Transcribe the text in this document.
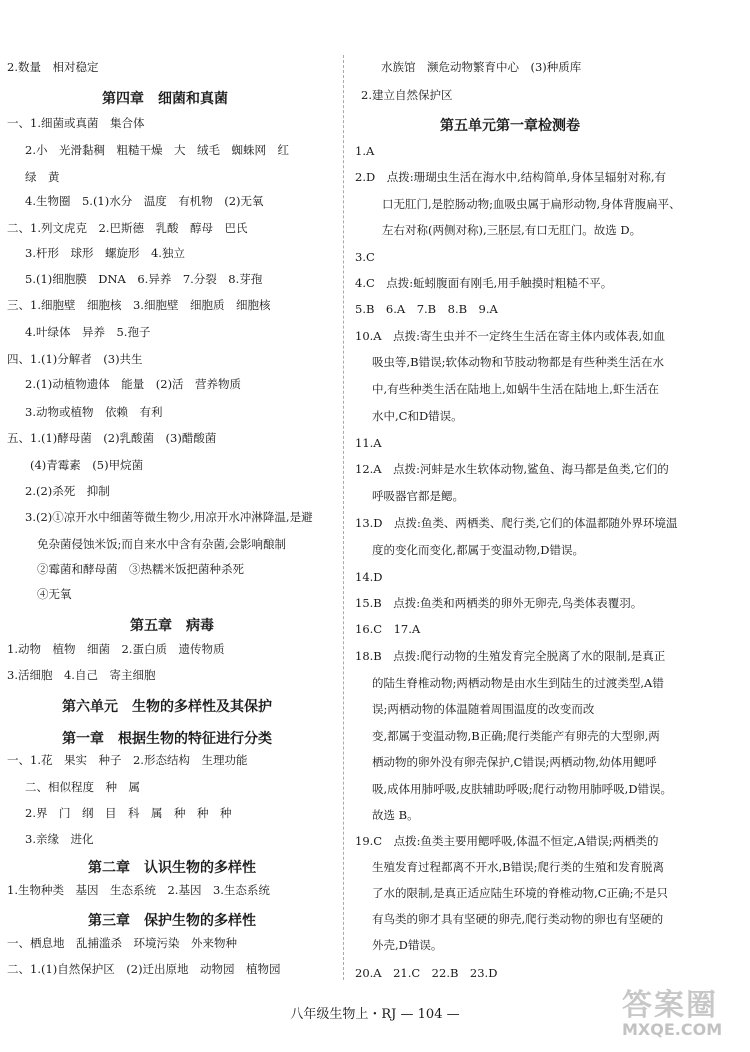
2.数量　相对稳定
第四章　细菌和真菌
一、1.细菌或真菌　集合体
2.小　光滑黏稠　粗糙干燥　大　绒毛　蜘蛛网　红
绿　黄
4.生物圈　5.(1)水分　温度　有机物　(2)无氧
二、1.列文虎克　2.巴斯德　乳酸　醇母　巴氏
3.杆形　球形　螺旋形　4.独立
5.(1)细胞膜　DNA　6.异养　7.分裂　8.芽孢
三、1.细胞壁　细胞核　3.细胞壁　细胞质　细胞核
4.叶绿体　异养　5.孢子
四、1.(1)分解者　(3)共生
2.(1)动植物遗体　能量　(2)活　营养物质
3.动物或植物　依赖　有利
五、1.(1)酵母菌　(2)乳酸菌　(3)醋酸菌
(4)青霉素　(5)甲烷菌
2.(2)杀死　抑制
3.(2)①凉开水中细菌等微生物少,用凉开水冲淋降温,是避
免杂菌侵蚀米饭;而自来水中含有杂菌,会影响酿制
②霉菌和酵母菌　③热糯米饭把菌种杀死
④无氧
第五章　病毒
1.动物　植物　细菌　2.蛋白质　遗传物质
3.活细胞　4.自己　寄主细胞
第六单元　生物的多样性及其保护
第一章　根据生物的特征进行分类
一、1.花　果实　种子　2.形态结构　生理功能
二、相似程度　种　属
2.界　门　纲　目　科　属　种　种　种
3.亲缘　进化
第二章　认识生物的多样性
1.生物种类　基因　生态系统　2.基因　3.生态系统
第三章　保护生物的多样性
一、栖息地　乱捕滥杀　环境污染　外来物种
二、1.(1)自然保护区　(2)迁出原地　动物园　植物园
水族馆　濒危动物繁育中心　(3)种质库
2.建立自然保护区
第五单元第一章检测卷
1.A
2.D　点拨:珊瑚虫生活在海水中,结构简单,身体呈辐射对称,有
口无肛门,是腔肠动物;血吸虫属于扁形动物,身体背腹扁平、
左右对称(两侧对称),三胚层,有口无肛门。故选 D。
3.C
4.C　点拨:蚯蚓腹面有刚毛,用手触摸时粗糙不平。
5.B　6.A　7.B　8.B　9.A
10.A　点拨:寄生虫并不一定终生生活在寄主体内或体表,如血
吸虫等,B错误;软体动物和节肢动物都是有些种类生活在水
中,有些种类生活在陆地上,如蜗牛生活在陆地上,虾生活在
水中,C和D错误。
11.A
12.A　点拨:河蚌是水生软体动物,鲨鱼、海马都是鱼类,它们的
呼吸器官都是鳃。
13.D　点拨:鱼类、两栖类、爬行类,它们的体温都随外界环境温
度的变化而变化,都属于变温动物,D错误。
14.D
15.B　点拨:鱼类和两栖类的卵外无卵壳,鸟类体表覆羽。
16.C　17.A
18.B　点拨:爬行动物的生殖发育完全脱离了水的限制,是真正
的陆生脊椎动物;两栖动物是由水生到陆生的过渡类型,A错
误;两栖动物的体温随着周围温度的改变而改
变,都属于变温动物,B正确;爬行类能产有卵壳的大型卵,两
栖动物的卵外没有卵壳保护,C错误;两栖动物,幼体用鳃呼
吸,成体用肺呼吸,皮肤辅助呼吸;爬行动物用肺呼吸,D错误。
故选 B。
19.C　点拨:鱼类主要用鳃呼吸,体温不恒定,A错误;两栖类的
生殖发育过程都离不开水,B错误;爬行类的生殖和发育脱离
了水的限制,是真正适应陆生环境的脊椎动物,C正确;不是只
有鸟类的卵才具有坚硬的卵壳,爬行类动物的卵也有坚硬的
外壳,D错误。
20.A　21.C　22.B　23.D
八年级生物上・RJ — 104 —	答案圈
MXQE.COM
